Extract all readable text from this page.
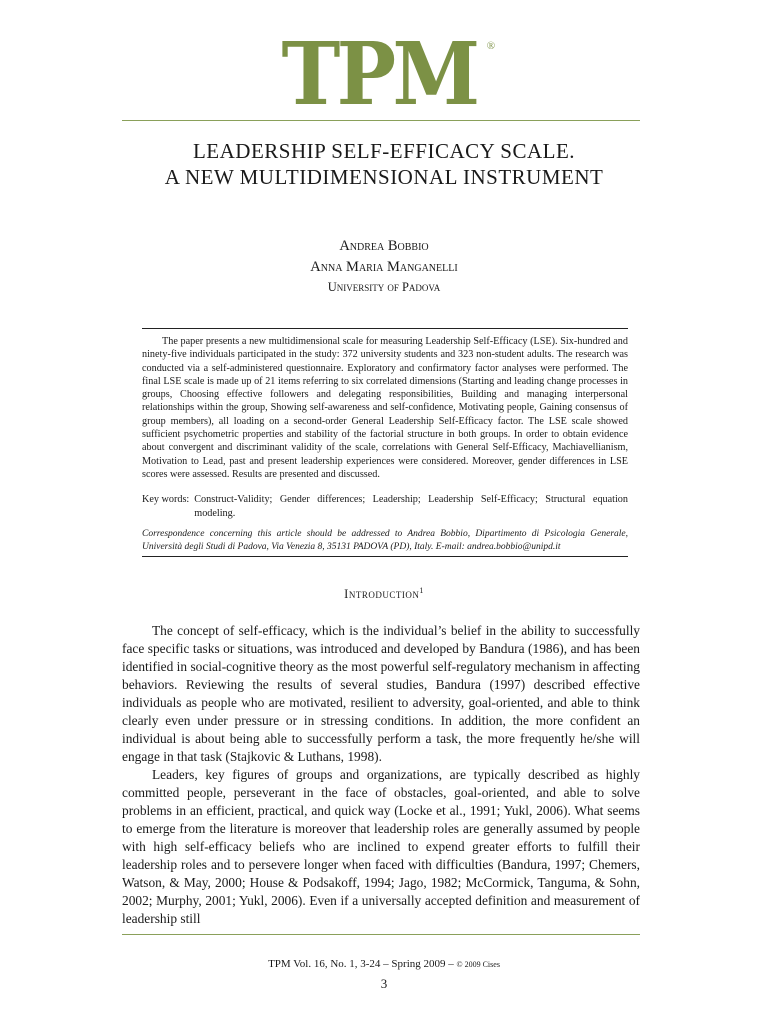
TPM ®
LEADERSHIP SELF-EFFICACY SCALE.
A NEW MULTIDIMENSIONAL INSTRUMENT
Andrea Bobbio
Anna Maria Manganelli
University of Padova

The paper presents a new multidimensional scale for measuring Leadership Self-Efficacy (LSE). Six-hundred and ninety-five individuals participated in the study: 372 university students and 323 non-student adults. The research was conducted via a self-administered questionnaire. Exploratory and confirmatory factor analyses were performed. The final LSE scale is made up of 21 items referring to six correlated dimensions (Starting and leading change processes in groups, Choosing effective followers and delegating responsibilities, Building and managing interpersonal relationships within the group, Showing self-awareness and self-confidence, Motivating people, Gaining consensus of group members), all loading on a second-order General Leadership Self-Efficacy factor. The LSE scale showed sufficient psychometric properties and stability of the factorial structure in both groups. In order to obtain evidence about convergent and discriminant validity of the scale, correlations with General Self-Efficacy, Machiavellianism, Motivation to Lead, past and present leadership experiences were considered. Moreover, gender differences in LSE scores were assessed. Results are presented and discussed.

Key words: Construct-Validity; Gender differences; Leadership; Leadership Self-Efficacy; Structural equation modeling.
Correspondence concerning this article should be addressed to Andrea Bobbio, Dipartimento di Psicologia Generale, Università degli Studi di Padova, Via Venezia 8, 35131 PADOVA (PD), Italy. E-mail: andrea.bobbio@unipd.it
Introduction$^1$

The concept of self-efficacy, which is the individual’s belief in the ability to successfully face specific tasks or situations, was introduced and developed by Bandura (1986), and has been identified in social-cognitive theory as the most powerful self-regulatory mechanism in affecting behaviors. Reviewing the results of several studies, Bandura (1997) described effective individuals as people who are motivated, resilient to adversity, goal-oriented, and able to think clearly even under pressure or in stressing conditions. In addition, the more confident an individual is about being able to successfully perform a task, the more frequently he/she will engage in that task (Stajkovic & Luthans, 1998).

Leaders, key figures of groups and organizations, are typically described as highly committed people, perseverant in the face of obstacles, goal-oriented, and able to solve problems in an efficient, practical, and quick way (Locke et al., 1991; Yukl, 2006). What seems to emerge from the literature is moreover that leadership roles are generally assumed by people with high self-efficacy beliefs who are inclined to expend greater efforts to fulfill their leadership roles and to persevere longer when faced with difficulties (Bandura, 1997; Chemers, Watson, & May, 2000; House & Podsakoff, 1994; Jago, 1982; McCormick, Tanguma, & Sohn, 2002; Murphy, 2001; Yukl, 2006). Even if a universally accepted definition and measurement of leadership still

TPM Vol. 16, No. 1, 3-24 – Spring 2009 – © 2009 Cises
3
